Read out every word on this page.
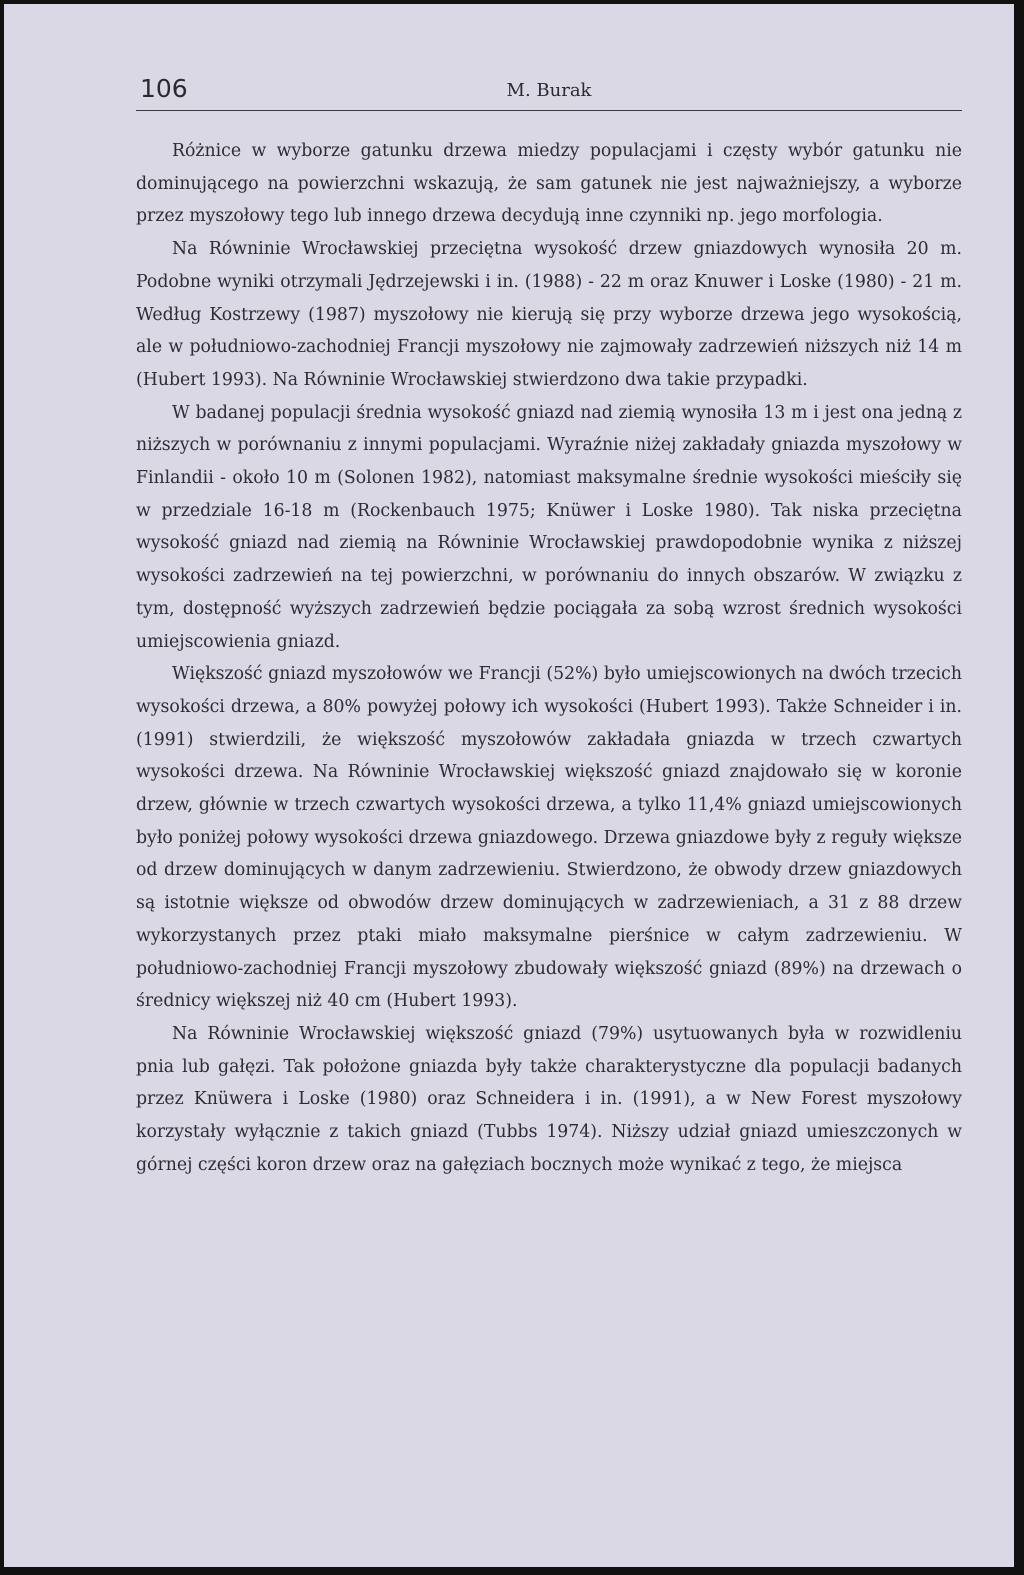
106	M. Burak

Różnice w wyborze gatunku drzewa miedzy populacjami i częsty wybór gatunku nie dominującego na powierzchni wskazują, że sam gatunek nie jest najważniejszy, a wyborze przez myszołowy tego lub innego drzewa decydują inne czynniki np. jego morfologia.

Na Równinie Wrocławskiej przeciętna wysokość drzew gniazdowych wynosiła 20 m. Podobne wyniki otrzymali Jędrzejewski i in. (1988) - 22 m oraz Knuwer i Loske (1980) - 21 m. Według Kostrzewy (1987) myszołowy nie kierują się przy wyborze drzewa jego wysokością, ale w południowo-zachodniej Francji myszołowy nie zajmowały zadrzewień niższych niż 14 m (Hubert 1993). Na Równinie Wrocławskiej stwierdzono dwa takie przypadki.

W badanej populacji średnia wysokość gniazd nad ziemią wynosiła 13 m i jest ona jedną z niższych w porównaniu z innymi populacjami. Wyraźnie niżej zakładały gniazda myszołowy w Finlandii - około 10 m (Solonen 1982), natomiast maksymalne średnie wysokości mieściły się w przedziale 16-18 m (Rockenbauch 1975; Knüwer i Loske 1980). Tak niska przeciętna wysokość gniazd nad ziemią na Równinie Wrocławskiej prawdopodobnie wynika z niższej wysokości zadrzewień na tej powierzchni, w porównaniu do innych obszarów. W związku z tym, dostępność wyższych zadrzewień będzie pociągała za sobą wzrost średnich wysokości umiejscowienia gniazd.

Większość gniazd myszołowów we Francji (52%) było umiejscowionych na dwóch trzecich wysokości drzewa, a 80% powyżej połowy ich wysokości (Hubert 1993). Także Schneider i in. (1991) stwierdzili, że większość myszołowów zakładała gniazda w trzech czwartych wysokości drzewa. Na Równinie Wrocławskiej większość gniazd znajdowało się w koronie drzew, głównie w trzech czwartych wysokości drzewa, a tylko 11,4% gniazd umiejscowionych było poniżej połowy wysokości drzewa gniazdowego. Drzewa gniazdowe były z reguły większe od drzew dominujących w danym zadrzewieniu. Stwierdzono, że obwody drzew gniazdowych są istotnie większe od obwodów drzew dominujących w zadrzewieniach, a 31 z 88 drzew wykorzystanych przez ptaki miało maksymalne pierśnice w całym zadrzewieniu. W południowo-zachodniej Francji myszołowy zbudowały większość gniazd (89%) na drzewach o średnicy większej niż 40 cm (Hubert 1993).

Na Równinie Wrocławskiej większość gniazd (79%) usytuowanych była w rozwidleniu pnia lub gałęzi. Tak położone gniazda były także charakterystyczne dla populacji badanych przez Knüwera i Loske (1980) oraz Schneidera i in. (1991), a w New Forest myszołowy korzystały wyłącznie z takich gniazd (Tubbs 1974). Niższy udział gniazd umieszczonych w górnej części koron drzew oraz na gałęziach bocznych może wynikać z tego, że miejsca
